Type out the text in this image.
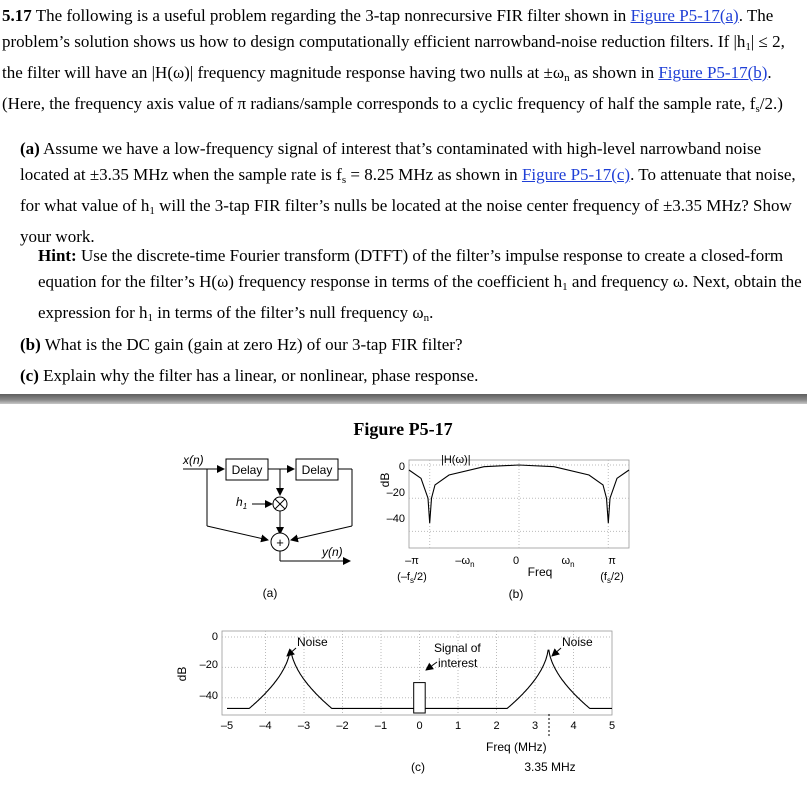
5.17 The following is a useful problem regarding the 3-tap nonrecursive FIR filter shown in Figure P5-17(a). The problem’s solution shows us how to design computationally efficient narrowband-noise reduction filters. If $|h_1| \le 2$, the filter will have an |H(ω)| frequency magnitude response having two nulls at $\pm\omega_n$ as shown in Figure P5-17(b). (Here, the frequency axis value of π radians/sample corresponds to a cyclic frequency of half the sample rate, $f_s/2$.)
(a) Assume we have a low-frequency signal of interest that’s contaminated with high-level narrowband noise located at ±3.35 MHz when the sample rate is $f_s = 8.25$ MHz as shown in Figure P5-17(c). To attenuate that noise, for what value of $h_1$ will the 3-tap FIR filter’s nulls be located at the noise center frequency of ±3.35 MHz? Show your work.
Hint: Use the discrete-time Fourier transform (DTFT) of the filter’s impulse response to create a closed-form equation for the filter’s H(ω) frequency response in terms of the coefficient $h_1$ and frequency ω. Next, obtain the expression for $h_1$ in terms of the filter’s null frequency $\omega_n$.
(b) What is the DC gain (gain at zero Hz) of our 3-tap FIR filter?
(c) Explain why the filter has a linear, or nonlinear, phase response.
Figure P5-17
x(n)
Delay	Delay
$h_1$
+
y(n)
(a)
dB
0
–20
–40
|H(ω)|
–π	$-\omega_n$	0	$\omega_n$	π
$(-f_s/2)$	$(f_s/2)$
Freq
(b)
dB
0
–20
–40
–5 –4 –3 –2 –1	0	1	2	3	4	5
Noise	Noise
Signal of
interest
Freq (MHz)
(c)	3.35 MHz
